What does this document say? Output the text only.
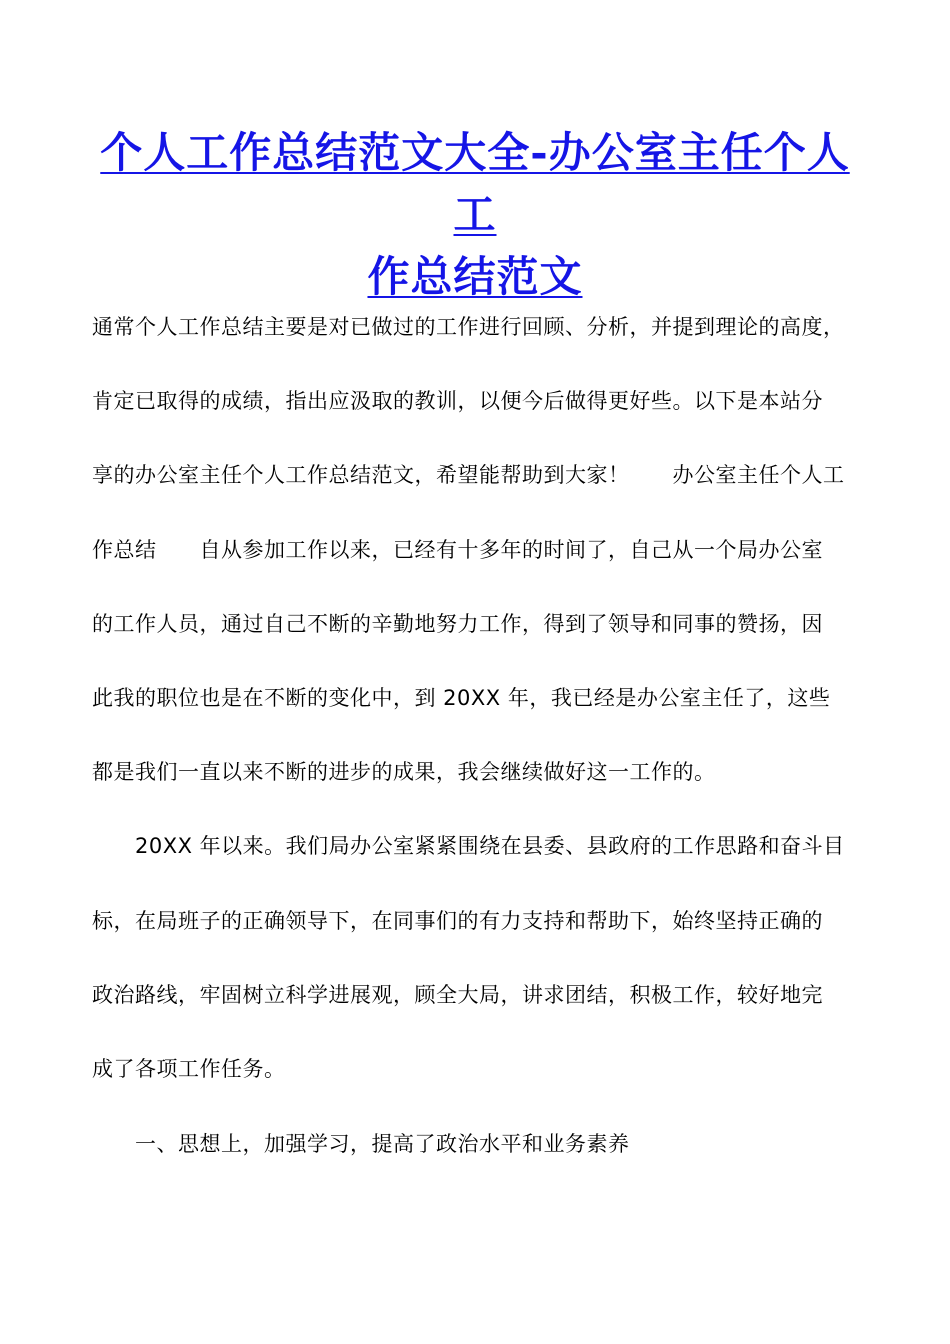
个人工作总结范文大全-办公室主任个人工
作总结范文

通常个人工作总结主要是对已做过的工作进行回顾、分析，并提到理论的高度，

肯定已取得的成绩，指出应汲取的教训，以便今后做得更好些。以下是本站分

享的办公室主任个人工作总结范文，希望能帮助到大家！　　办公室主任个人工

作总结　　自从参加工作以来，已经有十多年的时间了，自己从一个局办公室

的工作人员，通过自己不断的辛勤地努力工作，得到了领导和同事的赞扬，因

此我的职位也是在不断的变化中，到 20XX 年，我已经是办公室主任了，这些

都是我们一直以来不断的进步的成果，我会继续做好这一工作的。

　　20XX 年以来。我们局办公室紧紧围绕在县委、县政府的工作思路和奋斗目

标，在局班子的正确领导下，在同事们的有力支持和帮助下，始终坚持正确的

政治路线，牢固树立科学进展观，顾全大局，讲求团结，积极工作，较好地完

成了各项工作任务。

　　一、思想上，加强学习，提高了政治水平和业务素养
